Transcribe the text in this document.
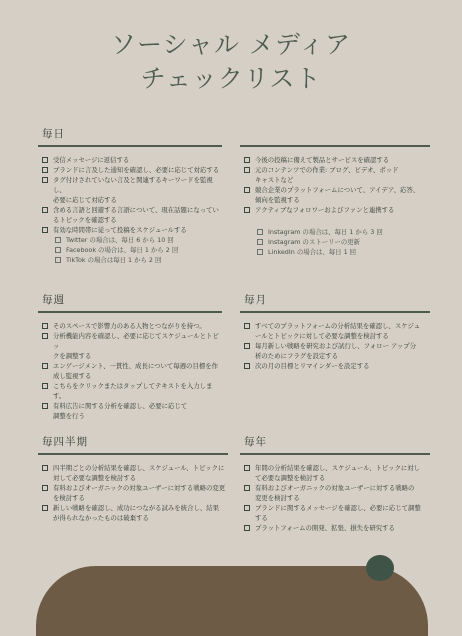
ソーシャル メディア
チェックリスト
毎日
受信メッセージに返信する
ブランドに言及した通知を確認し、必要に応じて対応する
タグ付けされていない言及と関連するキーワードを監視し、
必要に応じて対応する
含める言語と回避する言語について、現在話題になってい
るトピックを確認する
有効な時間帯に従って投稿をスケジュールする
Twitter の場合は、毎日 6 から 10 回
Facebook の場合は、毎日 1 から 2 回
TikTok の場合は毎日 1 から 2 回
今後の投稿に備えて製品とサービスを確認する
元のコンテンツでの作業: ブログ、ビデオ、ポッド
キャストなど
競合企業のプラットフォームについて、アイデア、応答、
傾向を監視する
アクティブなフォロワーおよびファンと連携する
Instagram の場合は、毎日 1 から 3 回
Instagram のストーリーの更新
LinkedIn の場合は、毎日 1 回
毎週
そのスペースで影響力のある人物とつながりを持つ。
分析機能内容を確認し、必要に応じてスケジュールとトピッ
クを調整する
エンゲージメント、一貫性、成長について毎週の目標を作
成し監視する
こちらをクリックまたはタップしてテキストを入力します。
有料広告に関する分析を確認し、必要に応じて
調整を行う
毎月
すべてのプラットフォームの分析結果を確認し、スケジュ
ールとトピックに対して必要な調整を検討する
毎月新しい戦略を研究および試行し、フォロー アップ分
析のためにフラグを設定する
次の月の目標とリマインダーを設定する
毎四半期
四半期ごとの分析結果を確認し、スケジュール、トピックに
対して必要な調整を検討する
有料およびオーガニックの対象ユーザーに対する戦略の変更
を検討する
新しい戦略を確認し、成功につながる試みを統合し、結果
が得られなかったものは破棄する
毎年
年間の分析結果を確認し、スケジュール、トピックに対し
て必要な調整を検討する
有料およびオーガニックの対象ユーザーに対する戦略の
変更を検討する
ブランドに関するメッセージを確認し、必要に応じて調整
する
プラットフォームの開発、拡張、損失を研究する
